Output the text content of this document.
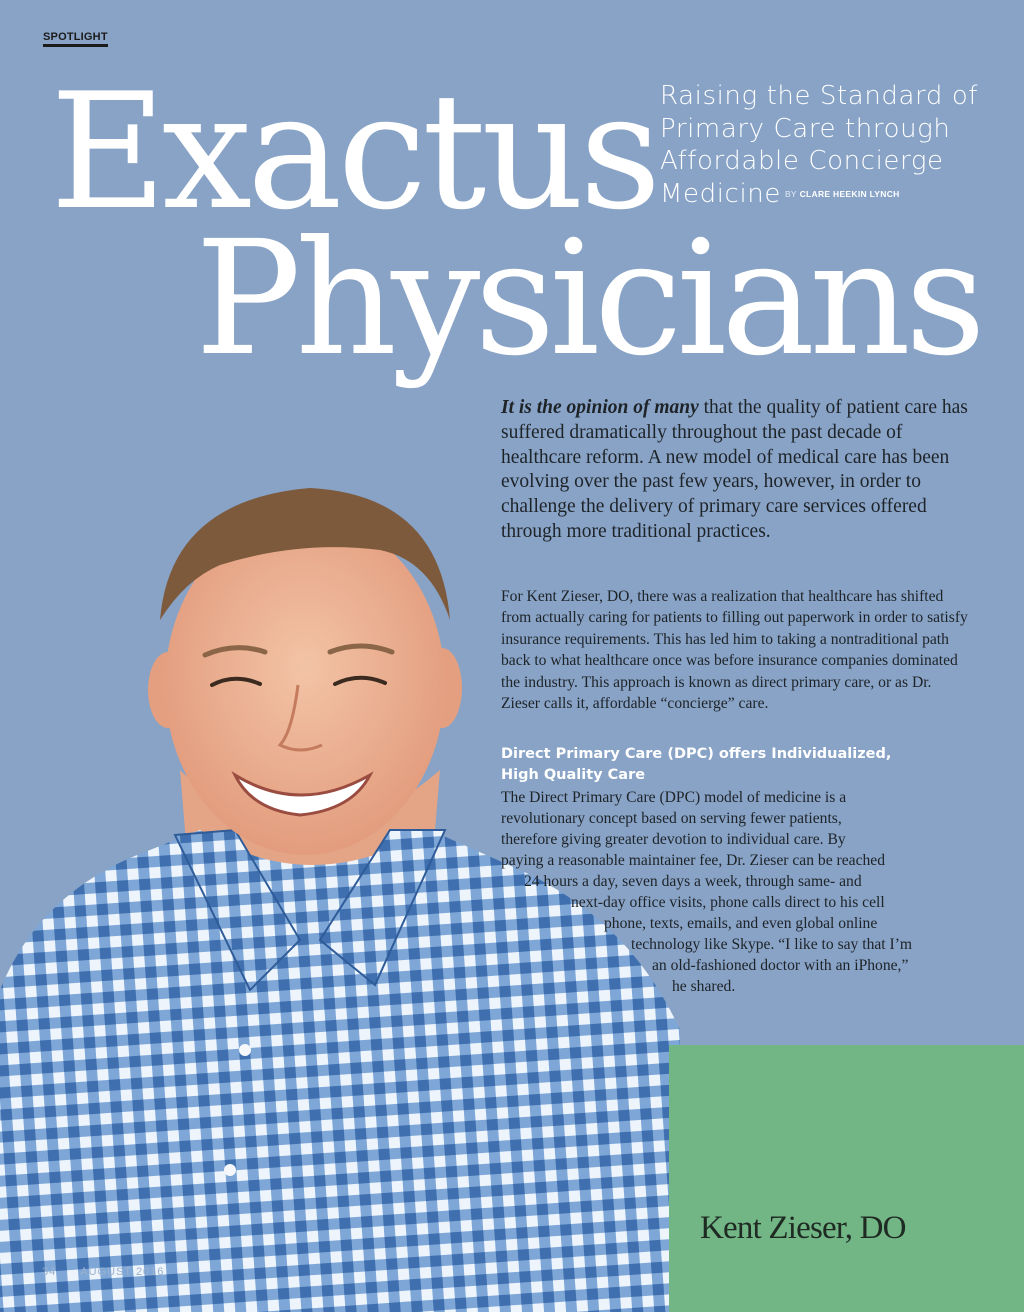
SPOTLIGHT
Exactus
Physicians
Raising the Standard of
Primary Care through
Affordable Concierge
Medicine BY CLARE HEEKIN LYNCH

It is the opinion of many that the quality of patient care has suffered dramatically throughout the past decade of healthcare reform. A new model of medical care has been evolving over the past few years, however, in order to challenge the delivery of primary care services offered through more traditional practices.

For Kent Zieser, DO, there was a realization that healthcare has shifted from actually caring for patients to filling out paperwork in order to satisfy insurance requirements. This has led him to taking a nontraditional path back to what healthcare once was before insurance companies dominated the industry. This approach is known as direct primary care, or as Dr. Zieser calls it, affordable “concierge” care.

Direct Primary Care (DPC) offers Individualized,
High Quality Care
The Direct Primary Care (DPC) model of medicine is a
revolutionary concept based on serving fewer patients,
therefore giving greater devotion to individual care. By
paying a reasonable maintainer fee, Dr. Zieser can be reached
24 hours a day, seven days a week, through same- and
next-day office visits, phone calls direct to his cell
phone, texts, emails, and even global online
technology like Skype. “I like to say that I’m
an old-fashioned doctor with an iPhone,”
he shared.
Kent Zieser, DO
34 AUGUST 2016
